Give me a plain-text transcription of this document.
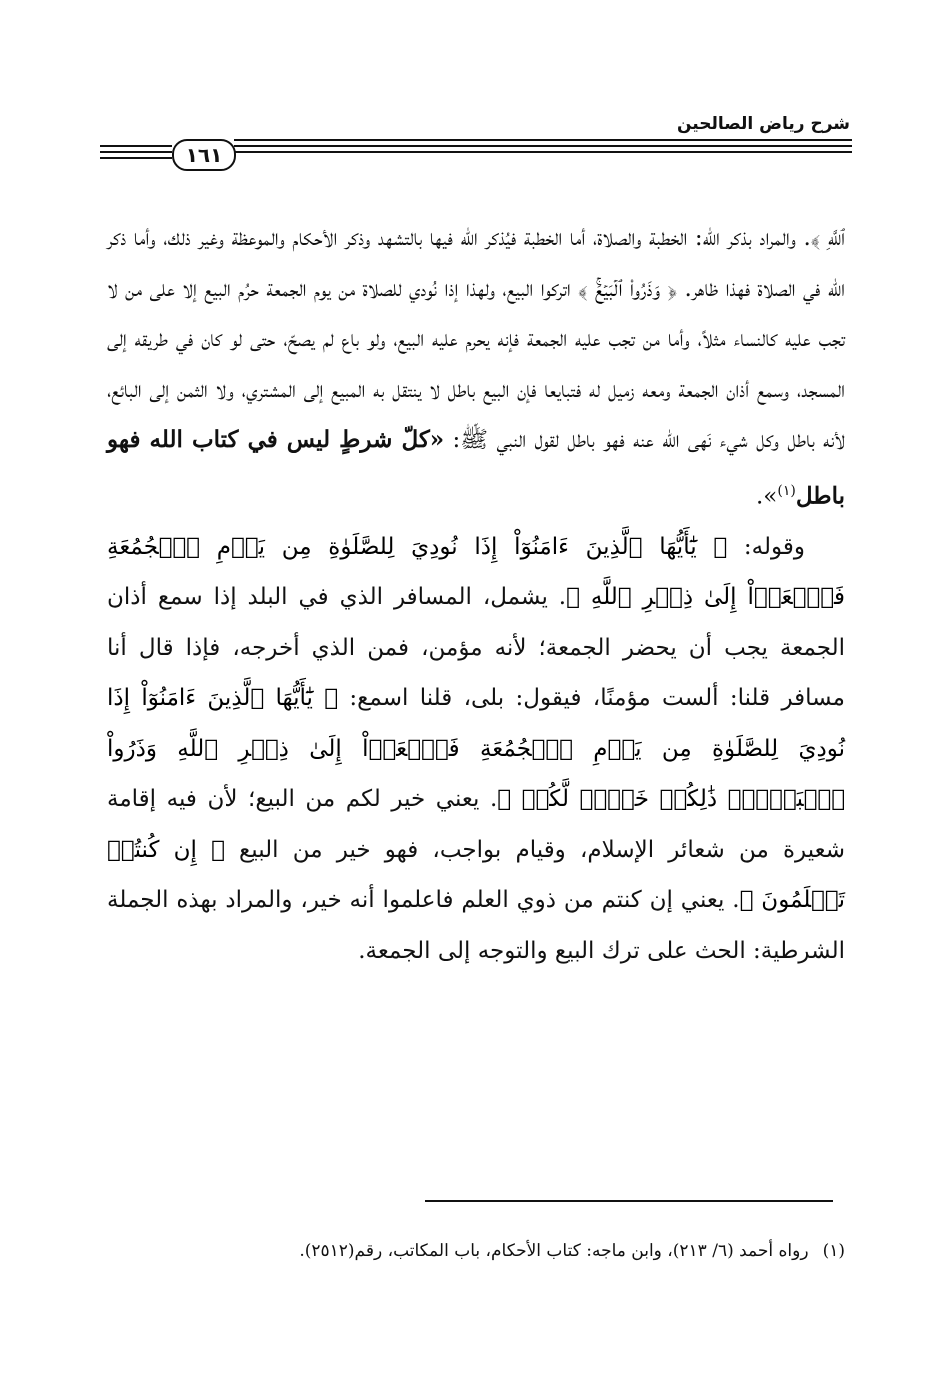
شرح رياض الصالحين
١٦١

ٱللَّهِ ﴾. والمراد بذكر الله: الخطبة والصلاة، أما الخطبة فيُذكر الله فيها بالتشهد وذكر الأحكام والموعظة وغير ذلك، وأما ذكر الله في الصلاة فهذا ظاهر. ﴿ وَذَرُواْ ٱلۡبَيۡعَۚ ﴾ اتركوا البيع، ولهذا إذا نُودي للصلاة من يوم الجمعة حرُم البيع إلا على من لا تجب عليه كالنساء مثلاً، وأما من تجب عليه الجمعة فإنه يحرم عليه البيع، ولو باع لم يصحّ، حتى لو كان في طريقه إلى المسجد، وسمع أذان الجمعة ومعه زميل له فتبايعا فإن البيع باطل لا ينتقل به المبيع إلى المشتري، ولا الثمن إلى البائع، لأنه باطل وكل شيء نَهى الله عنه فهو باطل لقول النبي ﷺ: «كلّ شرطٍ ليس في كتاب الله فهو باطل$^{(١)}$».

وقوله: ﴿ يَٰٓأَيُّهَا ٱلَّذِينَ ءَامَنُوٓاْ إِذَا نُودِيَ لِلصَّلَوٰةِ مِن يَوۡمِ ٱلۡجُمُعَةِ فَٱسۡعَوۡاْ إِلَىٰ ذِكۡرِ ٱللَّهِ ﴾. يشمل، المسافر الذي في البلد إذا سمع أذان الجمعة يجب أن يحضر الجمعة؛ لأنه مؤمن، فمن الذي أخرجه، فإذا قال أنا مسافر قلنا: ألست مؤمنًا، فيقول: بلى، قلنا اسمع: ﴿ يَٰٓأَيُّهَا ٱلَّذِينَ ءَامَنُوٓاْ إِذَا نُودِيَ لِلصَّلَوٰةِ مِن يَوۡمِ ٱلۡجُمُعَةِ فَٱسۡعَوۡاْ إِلَىٰ ذِكۡرِ ٱللَّهِ وَذَرُواْ ٱلۡبَيۡعَۚ ذَٰلِكُمۡ خَيۡرٞ لَّكُمۡ ﴾. يعني خير لكم من البيع؛ لأن فيه إقامة شعيرة من شعائر الإسلام، وقيام بواجب، فهو خير من البيع ﴿ إِن كُنتُمۡ تَعۡلَمُونَ ﴾. يعني إن كنتم من ذوي العلم فاعلموا أنه خير، والمراد بهذه الجملة الشرطية: الحث على ترك البيع والتوجه إلى الجمعة.

(١)رواه أحمد (٦/ ٢١٣)، وابن ماجه: كتاب الأحكام، باب المكاتب، رقم(٢٥١٢).
